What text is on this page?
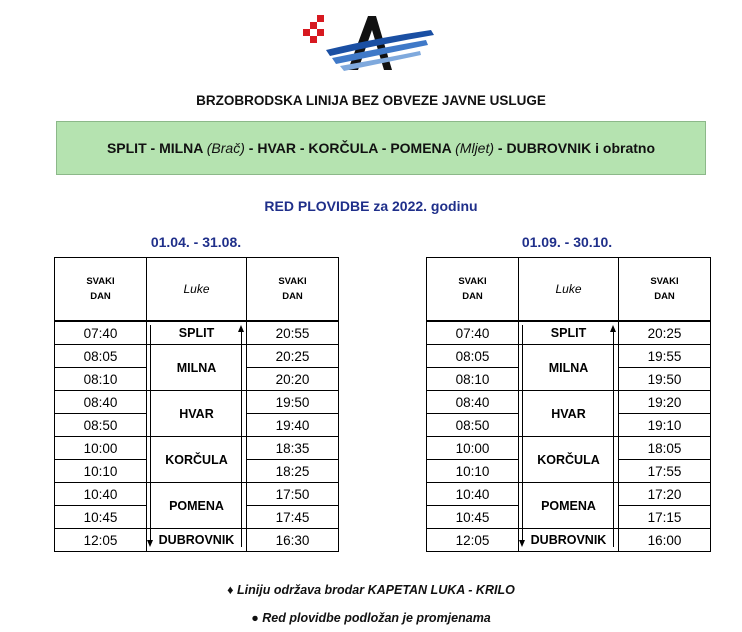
BRZOBRODSKA LINIJA BEZ OBVEZE JAVNE USLUGE
SPLIT - MILNA (Brač) - HVAR - KORČULA - POMENA (Mljet) - DUBROVNIK i obratno
RED PLOVIDBE za 2022. godinu
01.04. - 31.08.	01.09. - 30.10.
SVAKI DAN	Luke	SVAKI DAN
07:40	SPLIT	20:55
08:05	MILNA	20:25
08:10		20:20
08:40	HVAR	19:50
08:50		19:40
10:00	KORČULA	18:35
10:10		18:25
10:40	POMENA	17:50
10:45		17:45
12:05	DUBROVNIK	16:30
SVAKI DAN	Luke	SVAKI DAN
07:40	SPLIT	20:25
08:05	MILNA	19:55
08:10		19:50
08:40	HVAR	19:20
08:50		19:10
10:00	KORČULA	18:05
10:10		17:55
10:40	POMENA	17:20
10:45		17:15
12:05	DUBROVNIK	16:00
♦ Liniju održava brodar KAPETAN LUKA - KRILO
● Red plovidbe podložan je promjenama
